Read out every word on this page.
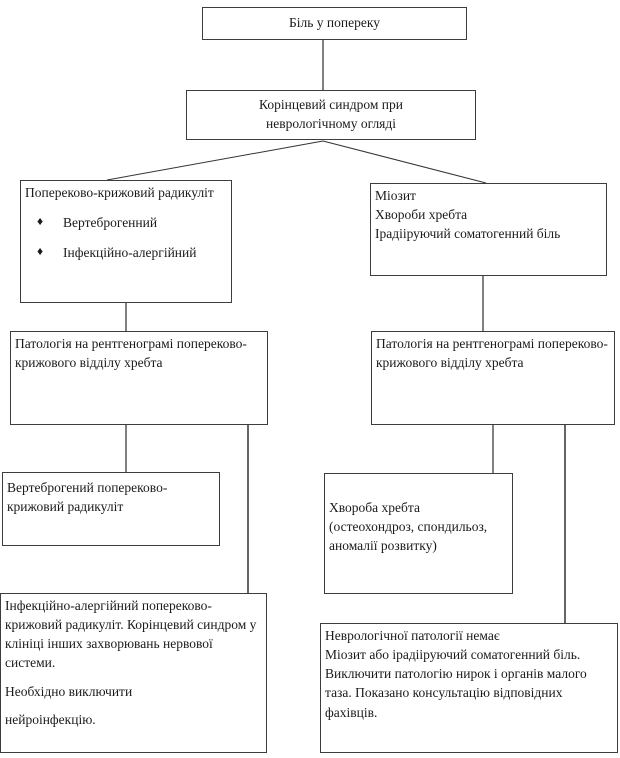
Біль у попереку
Корінцевий синдром при неврологічному огляді
Попереково-крижовий радикуліт
♦	Вертеброгенний
♦	Інфекційно-алергійний
Міозит
Хвороби хребта
Ірадііруючий соматогенний біль
Патологія на рентгенограмі попереково-крижового відділу хребта
Патологія на рентгенограмі попереково-крижового відділу хребта
Вертеброгений попереково-крижовий радикуліт	Хвороба хребта
(остеохондроз, спондильоз,
аномалії розвитку)

Інфекційно-алергійний попереково-крижовий радикуліт. Корінцевий синдром у клініці інших захворювань нервової системи.

Необхідно виключити

нейроінфекцію.

Неврологічної патології немає
Міозит або ірадііруючий соматогенний біль. Виключити патологію нирок і органів малого таза. Показано консультацію відповідних фахівців.
